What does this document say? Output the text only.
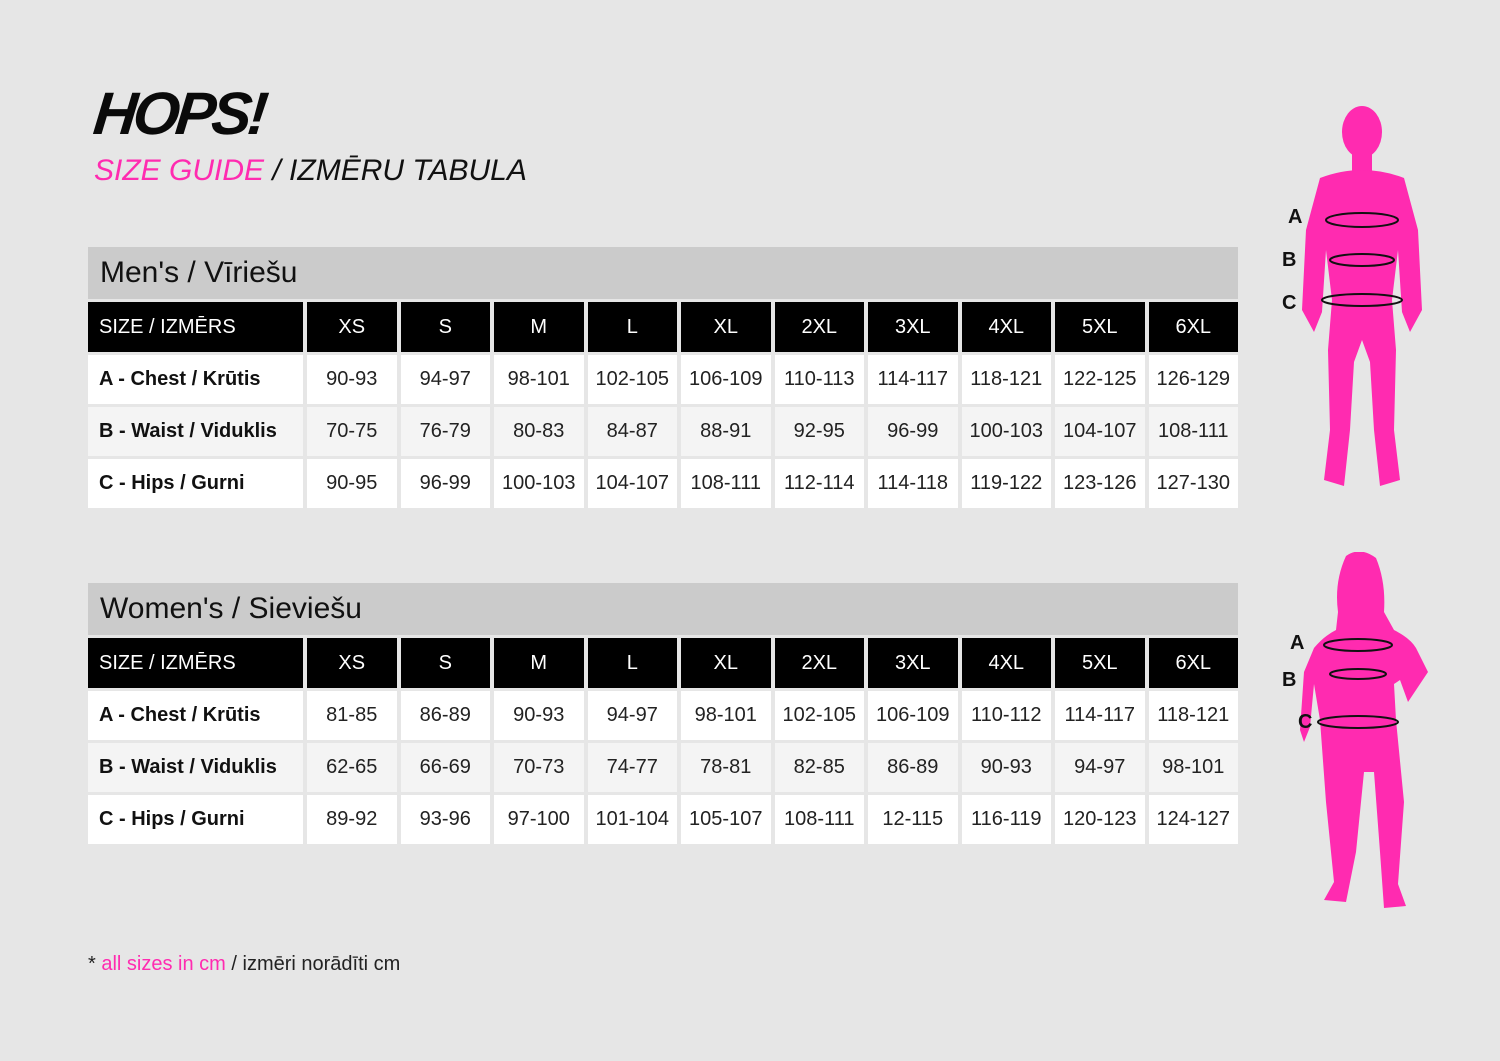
HOPS!
SIZE GUIDE / IZMĒRU TABULA
Men's / Vīriešu
SIZE / IZMĒRS	XS	S	M	L	XL	2XL	3XL	4XL	5XL	6XL
A - Chest / Krūtis	90-93	94-97	98-101	102-105	106-109	110-113	114-117	118-121	122-125	126-129
B - Waist / Viduklis	70-75	76-79	80-83	84-87	88-91	92-95	96-99	100-103	104-107	108-111
C - Hips / Gurni	90-95	96-99	100-103	104-107	108-111	112-114	114-118	119-122	123-126	127-130
Women's / Sieviešu
SIZE / IZMĒRS	XS	S	M	L	XL	2XL	3XL	4XL	5XL	6XL
A - Chest / Krūtis	81-85	86-89	90-93	94-97	98-101	102-105	106-109	110-112	114-117	118-121
B - Waist / Viduklis	62-65	66-69	70-73	74-77	78-81	82-85	86-89	90-93	94-97	98-101
C - Hips / Gurni	89-92	93-96	97-100	101-104	105-107	108-111	12-115	116-119	120-123	124-127
A
B
C
A
B
C
* all sizes in cm / izmēri norādīti cm
